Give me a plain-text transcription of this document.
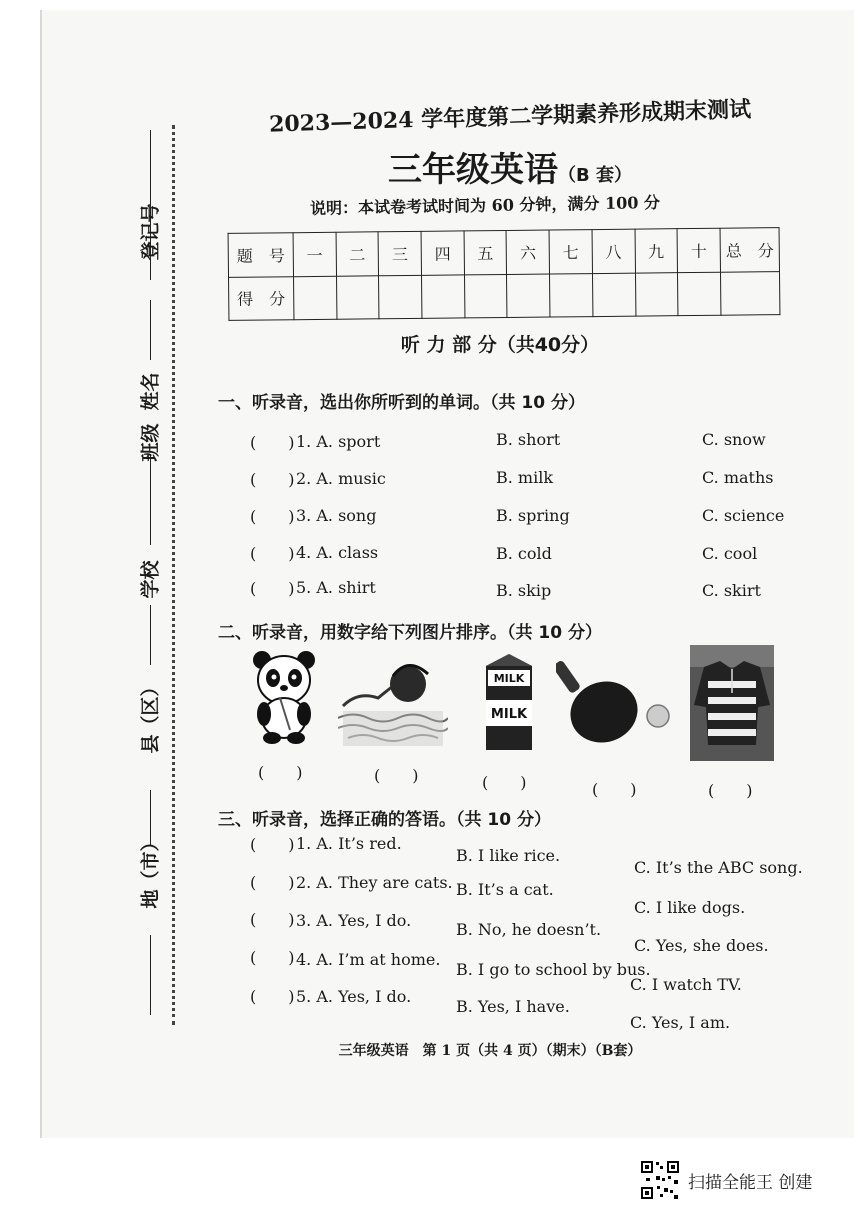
登记号
姓名
班级
学校
2023—2024 学年度第二学期素养形成期末测试
三年级英语（B 套）
说明：本试卷考试时间为 60 分钟，满分 100 分
题　号	一	二	三	四	五	六	七	八	九	十	总　分
得　分											
听 力 部 分（共40分）
一、听录音，选出你所听到的单词。（共 10 分）
(　　) 1. A. sport	B. short	C. snow
(　　) 2. A. music	B. milk	C. maths
(　　) 3. A. song	B. spring	C. science
(　　) 4. A. class	B. cold	C. cool
(　　) 5. A. shirt	B. skip	C. skirt
二、听录音，用数字给下列图片排序。（共 10 分）
MILK
MILK
(　　)	(　　)	(　　)	(　　)	(　　)
三、听录音，选择正确的答语。（共 10 分）
(　　) 1. A. It’s red.
B. I like rice.
C. It’s the ABC song.
(　　) 2. A. They are cats. B. It’s a cat.
C. I like dogs.
(　　) 3. A. Yes, I do.	B. No, he doesn’t.
C. Yes, she does.
(　　) 4. A. I’m at home.
B. I go to school by bus.
C. I watch TV.
(　　) 5. A. Yes, I do.
B. Yes, I have.
C. Yes, I am.
三年级英语　第 1 页（共 4 页）（期末）（B套）
扫描全能王 创建
